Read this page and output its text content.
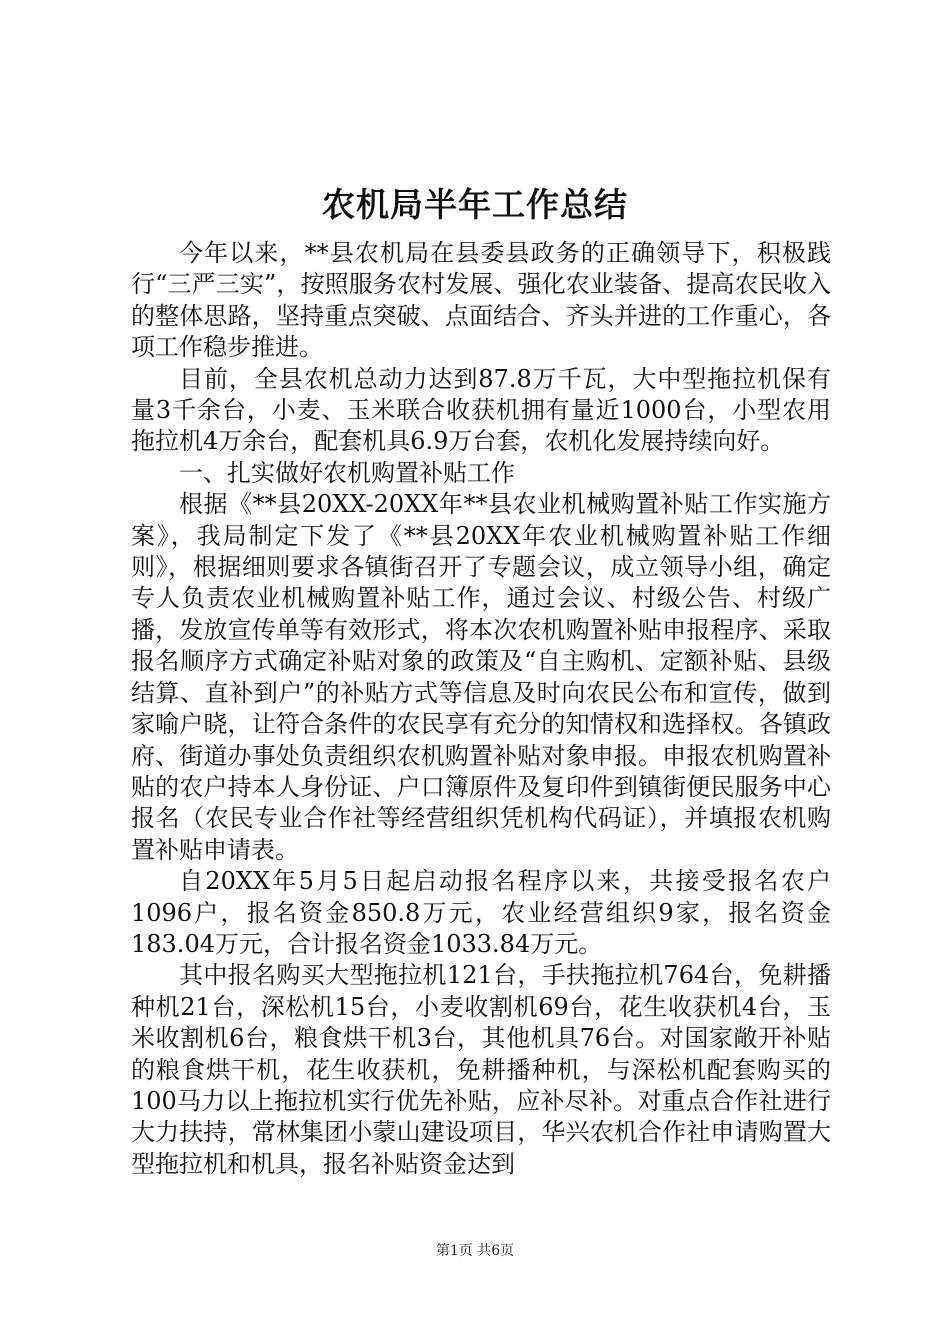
农机局半年工作总结

今年以来，**县农机局在县委县政务的正确领导下，积极践行“三严三实”，按照服务农村发展、强化农业装备、提高农民收入的整体思路，坚持重点突破、点面结合、齐头并进的工作重心，各项工作稳步推进。

目前，全县农机总动力达到87.8万千瓦，大中型拖拉机保有量3千余台，小麦、玉米联合收获机拥有量近1000台，小型农用拖拉机4万余台，配套机具6.9万台套，农机化发展持续向好。

一、扎实做好农机购置补贴工作

根据《**县20XX-20XX年**县农业机械购置补贴工作实施方案》，我局制定下发了《**县20XX年农业机械购置补贴工作细则》，根据细则要求各镇街召开了专题会议，成立领导小组，确定专人负责农业机械购置补贴工作，通过会议、村级公告、村级广播，发放宣传单等有效形式，将本次农机购置补贴申报程序、采取报名顺序方式确定补贴对象的政策及“自主购机、定额补贴、县级结算、直补到户”的补贴方式等信息及时向农民公布和宣传，做到家喻户晓，让符合条件的农民享有充分的知情权和选择权。各镇政府、街道办事处负责组织农机购置补贴对象申报。申报农机购置补贴的农户持本人身份证、户口簿原件及复印件到镇街便民服务中心报名（农民专业合作社等经营组织凭机构代码证），并填报农机购置补贴申请表。

自20XX年5月5日起启动报名程序以来，共接受报名农户1096户，报名资金850.8万元，农业经营组织9家，报名资金183.04万元，合计报名资金1033.84万元。

其中报名购买大型拖拉机121台，手扶拖拉机764台，免耕播种机21台，深松机15台，小麦收割机69台，花生收获机4台，玉米收割机6台，粮食烘干机3台，其他机具76台。对国家敞开补贴的粮食烘干机，花生收获机，免耕播种机，与深松机配套购买的100马力以上拖拉机实行优先补贴，应补尽补。对重点合作社进行大力扶持，常林集团小蒙山建设项目，华兴农机合作社申请购置大型拖拉机和机具，报名补贴资金达到

第1页 共6页
